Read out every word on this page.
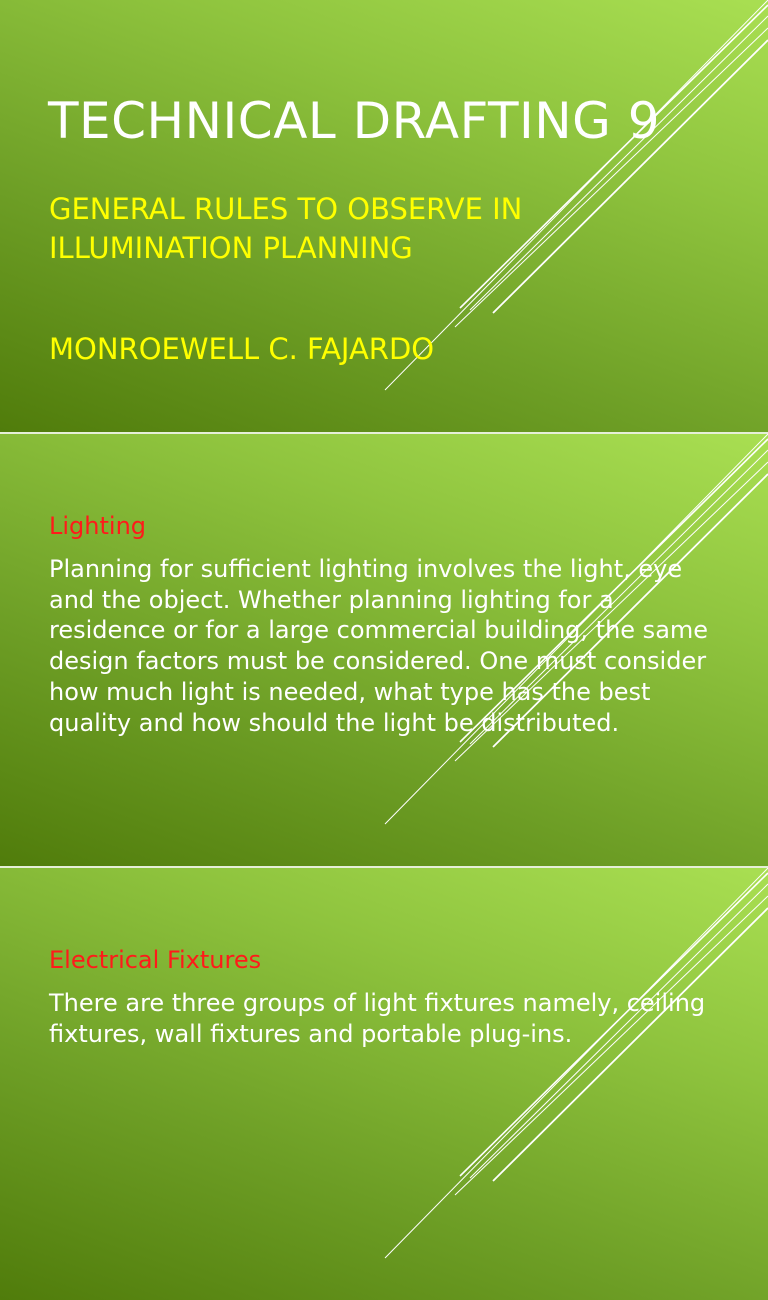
TECHNICAL DRAFTING 9

GENERAL RULES TO OBSERVE IN ILLUMINATION PLANNING

MONROEWELL C. FAJARDO

Lighting

Planning for sufficient lighting involves the light, eye and the object. Whether planning lighting for a residence or for a large commercial building, the same design factors must be considered. One must consider how much light is needed, what type has the best quality and how should the light be distributed.

Electrical Fixtures

There are three groups of light fixtures namely, ceiling fixtures, wall fixtures and portable plug-ins.
